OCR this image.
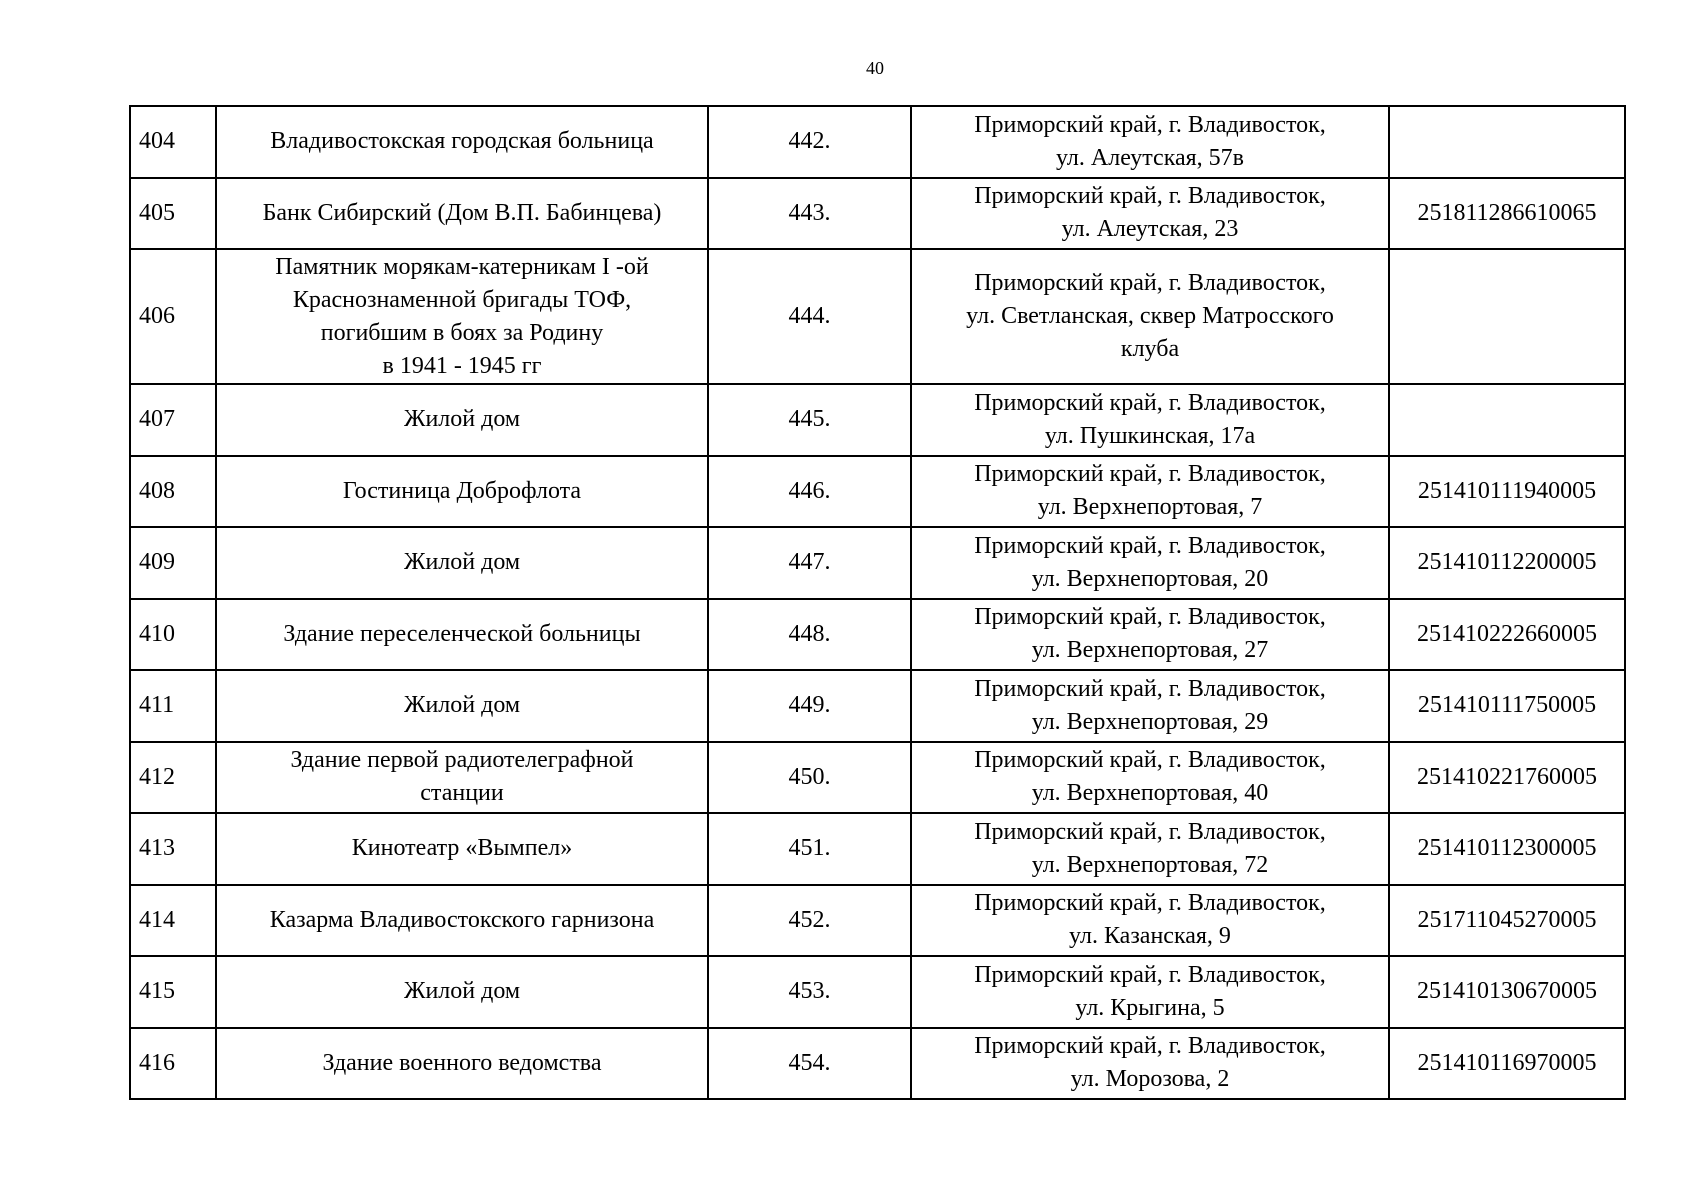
40
404	Владивостокская городская больница	442.	Приморский край, г. Владивосток,
ул. Алеутская, 57в	

405	Банк Сибирский (Дом В.П. Бабинцева)	443.	Приморский край, г. Владивосток,
ул. Алеутская, 23	251811286610065
406	Памятник морякам-катерникам I -ой
Краснознаменной бригады ТОФ,
погибшим в боях за Родину
в 1941 - 1945 гг	444.	Приморский край, г. Владивосток,
ул. Светланская, сквер Матросского
клуба	

407	Жилой дом	445.	Приморский край, г. Владивосток,
ул. Пушкинская, 17а	

408	Гостиница Доброфлота	446.	Приморский край, г. Владивосток,
ул. Верхнепортовая, 7	251410111940005
409	Жилой дом	447.	Приморский край, г. Владивосток,
ул. Верхнепортовая, 20	251410112200005
410	Здание переселенческой больницы	448.	Приморский край, г. Владивосток,
ул. Верхнепортовая, 27	251410222660005
411	Жилой дом	449.	Приморский край, г. Владивосток,
ул. Верхнепортовая, 29	251410111750005
412	Здание первой радиотелеграфной
станции	450.	Приморский край, г. Владивосток,
ул. Верхнепортовая, 40	251410221760005
413	Кинотеатр «Вымпел»	451.	Приморский край, г. Владивосток,
ул. Верхнепортовая, 72	251410112300005
414	Казарма Владивостокского гарнизона	452.	Приморский край, г. Владивосток,
ул. Казанская, 9	251711045270005
415	Жилой дом	453.	Приморский край, г. Владивосток,
ул. Крыгина, 5	251410130670005
416	Здание военного ведомства	454.	Приморский край, г. Владивосток,
ул. Морозова, 2	251410116970005
